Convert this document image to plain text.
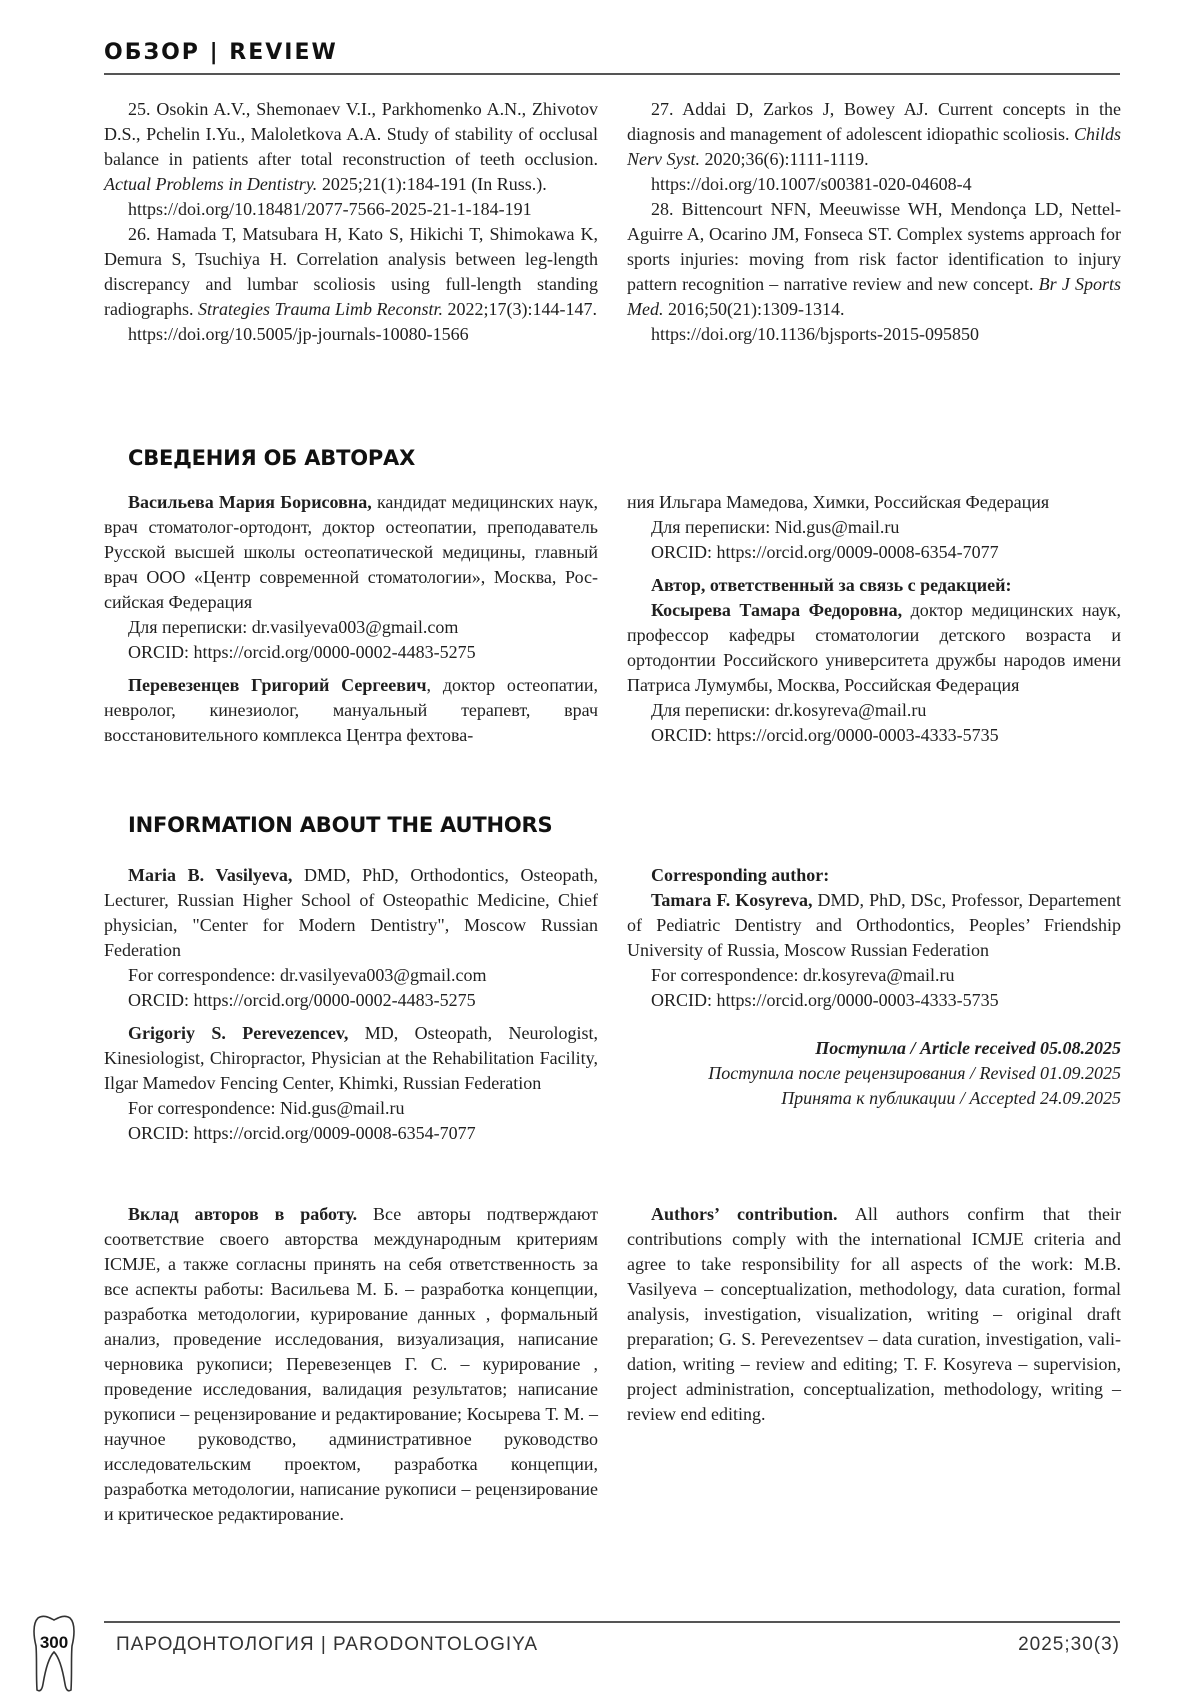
ОБЗОР | REVIEW

25. Osokin A.V., Shemonaev V.I., Parkhomenko A.N., Zhivotov D.S., Pchelin I.Yu., Maloletkova A.A. Study of stability of occlusal balance in patients after total reconstruction of teeth occlusion. Actual Problems in Dentistry. 2025;21(1):184-191 (In Russ.).

https://doi.org/10.18481/2077-7566-2025-21-1-184-191

26. Hamada T, Matsubara H, Kato S, Hikichi T, Shimokawa K, Demura S, Tsuchiya H. Correlation analysis between leg-length discrepancy and lumbar scoliosis using full-length standing radiographs. Strategies Trauma Limb Reconstr. 2022;17(3):144-147.

https://doi.org/10.5005/jp-journals-10080-1566

27. Addai D, Zarkos J, Bowey AJ. Current concepts in the diagnosis and management of adolescent idiopathic scoliosis. Childs Nerv Syst. 2020;36(6):1111-1119.

https://doi.org/10.1007/s00381-020-04608-4

28. Bittencourt NFN, Meeuwisse WH, Mendonça LD, Nettel-Aguirre A, Ocarino JM, Fonseca ST. Complex systems approach for sports injuries: moving from risk factor identification to injury pattern recognition – narrative review and new concept. Br J Sports Med. 2016;50(21):1309-1314.

https://doi.org/10.1136/bjsports-2015-095850

СВЕДЕНИЯ ОБ АВТОРАХ

Васильева Мария Борисовна, кандидат медицинских наук, врач стоматолог-ортодонт, доктор остеопатии, преподаватель Русской высшей школы остеопатической медицины, главный врач ООО «Центр современной стоматологии», Москва, Российская Федерация

Для переписки: dr.vasilyeva003@gmail.com

ORCID: https://orcid.org/0000-0002-4483-5275

Перевезенцев Григорий Сергеевич, доктор остеопатии, невролог, кинезиолог, мануальный терапевт, врач восстановительного комплекса Центра фехтова-

ния Ильгара Мамедова, Химки, Российская Федерация

Для переписки: Nid.gus@mail.ru

ORCID: https://orcid.org/0009-0008-6354-7077

Автор, ответственный за связь с редакцией:

Косырева Тамара Федоровна, доктор медицинских наук, профессор кафедры стоматологии детского возраста и ортодонтии Российского университета дружбы народов имени Патриса Лумумбы, Москва, Российская Федерация

Для переписки: dr.kosyreva@mail.ru

ORCID: https://orcid.org/0000-0003-4333-5735

INFORMATION ABOUT THE AUTHORS

Maria B. Vasilyeva, DMD, PhD, Orthodontics, Osteopath, Lecturer, Russian Higher School of Osteopathic Medicine, Chief physician, "Center for Modern Dentistry", Moscow Russian Federation

For correspondence: dr.vasilyeva003@gmail.com

ORCID: https://orcid.org/0000-0002-4483-5275

Grigoriy S. Perevezencev, MD, Osteopath, Neurologist, Kinesiologist, Chiropractor, Physician at the Rehabilitation Facility, Ilgar Mamedov Fencing Center, Khimki, Russian Federation

For correspondence: Nid.gus@mail.ru

ORCID: https://orcid.org/0009-0008-6354-7077

Corresponding author:

Tamara F. Kosyreva, DMD, PhD, DSc, Professor, Departement of Pediatric Dentistry and Orthodontics, Peoples’ Friendship University of Russia, Moscow Russian Federation

For correspondence: dr.kosyreva@mail.ru

ORCID: https://orcid.org/0000-0003-4333-5735

Поступила / Article received 05.08.2025
Поступила после рецензирования / Revised 01.09.2025
Принята к публикации / Accepted 24.09.2025

Вклад авторов в работу. Все авторы подтверждают соответствие своего авторства международным критериям ICMJE, а также согласны принять на себя ответственность за все аспекты работы: Васильева М. Б. – разработка концепции, разработка методологии, курирование данных , формальный анализ, проведение исследования, визуализация, написание черновика рукописи; Перевезенцев Г. С. – курирование , проведение исследования, валидация результатов; написание рукописи – рецензирование и редактирование; Косырева Т. М. – научное руководство, административное руководство исследовательским проектом, разработка концепции, разработка методологии, написание рукописи – рецензирование и критическое редактирование.

Authors’ contribution. All authors confirm that their contributions comply with the international ICMJE criteria and agree to take responsibility for all aspects of the work: M.B. Vasilyeva – conceptualization, methodology, data curation, formal analysis, investigation, visualization, writing – original draft preparation; G. S. Perevezentsev – data curation, investigation, validation, writing – review and editing; T. F. Kosyreva – supervision, project administration, conceptualization, methodology, writing – review end editing.

300	ПАРОДОНТОЛОГИЯ | PARODONTOLOGIYA	2025;30(3)
